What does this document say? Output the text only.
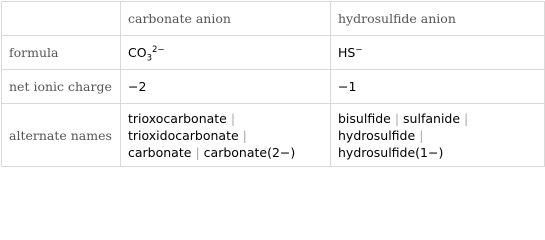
	carbonate anion	hydrosulfide anion
formula	$CO_3^{2-}$	HS−
net ionic charge	−2	−1
alternate names	trioxocarbonate |
trioxidocarbonate |
carbonate | carbonate(2−)	bisulfide | sulfanide |
hydrosulfide |
hydrosulfide(1−)
